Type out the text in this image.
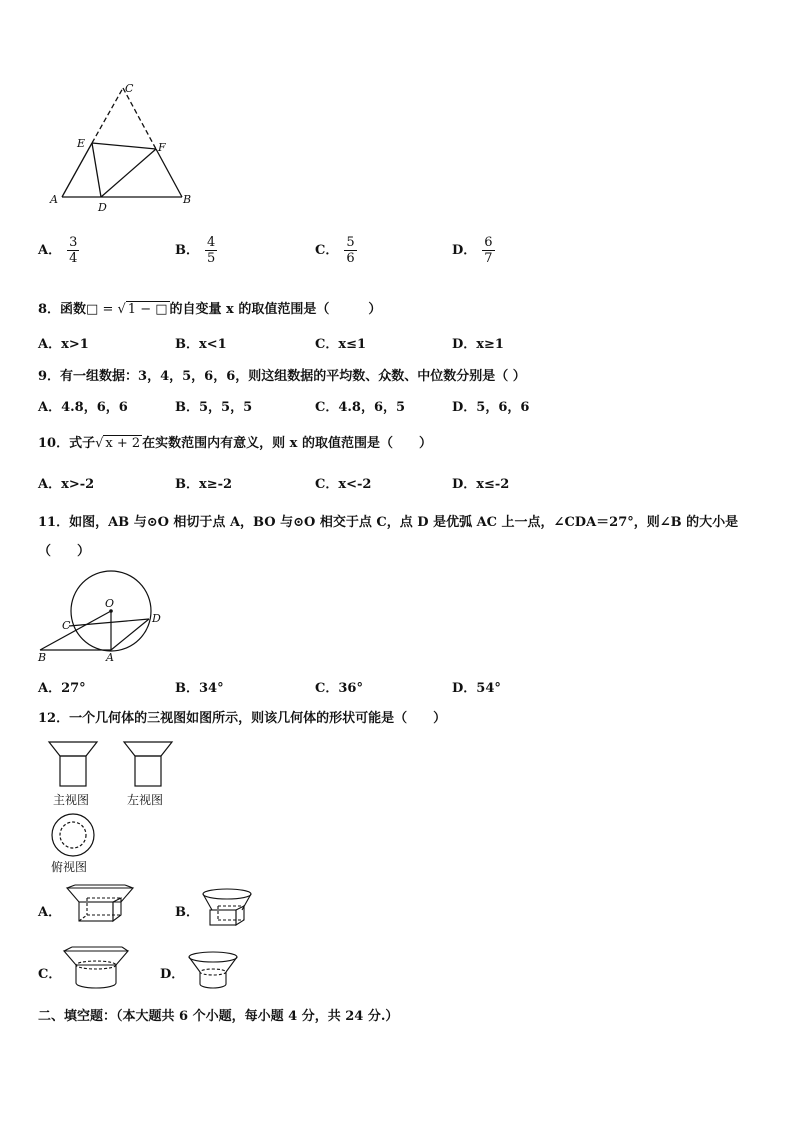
C
E	F
A
D
B
A． $\frac{3}{4}$	B． $\frac{4}{5}$	C． $\frac{5}{6}$	D． $\frac{6}{7}$
8．函数□ = √ 1 − □ 的自变量 x 的取值范围是（　　　）
A．x>1	B．x<1	C．x≤1	D．x≥1
9．有一组数据：3，4，5，6，6，则这组数据的平均数、众数、中位数分别是（ ）
A．4.8，6，6	B．5，5，5	C．4.8，6，5	D．5，6，6
10．式子√ x + 2 在实数范围内有意义，则 x 的取值范围是（　　）
A．x>-2	B．x≥-2	C．x<-2	D．x≤-2
11．如图，AB 与⊙O 相切于点 A，BO 与⊙O 相交于点 C，点 D 是优弧 AC 上一点，∠CDA＝27°，则∠B 的大小是
（　　）
O
C
D
B	A
A．27°	B．34°	C．36°	D．54°
12．一个几何体的三视图如图所示，则该几何体的形状可能是（　　）
主视图	左视图
俯视图
A．	B．
C．	D．
二、填空题：（本大题共 6 个小题，每小题 4 分，共 24 分.）
